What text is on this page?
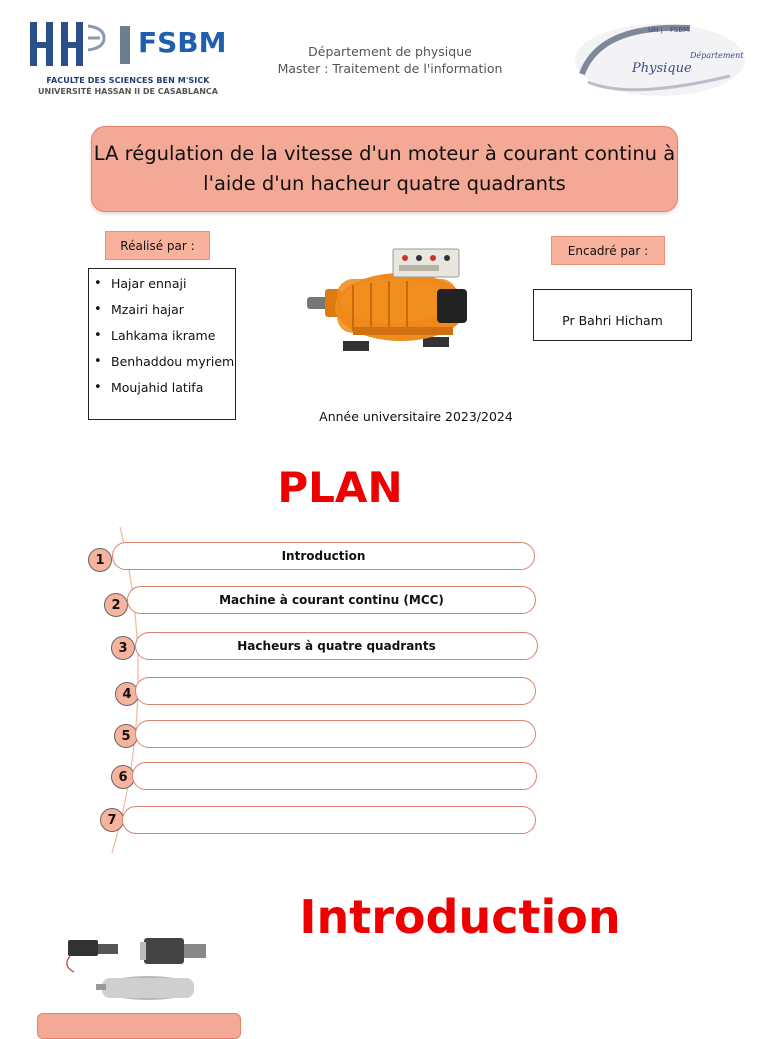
FSBM
FACULTE DES SCIENCES BEN M'SICK
UNIVERSITÉ HASSAN II DE CASABLANCA
Département de physique
Master : Traitement de l'information
UH | FSBM
Département
Physique
LA régulation de la vitesse d'un moteur à courant continu à l'aide d'un hacheur quatre quadrants
Réalisé par :	Encadré par :
• Hajar ennaji
• Mzairi hajar
• Lahkama ikrame
• Benhaddou myriem
• Moujahid latifa
Pr Bahri Hicham
Année universitaire 2023/2024
PLAN
1	Introduction
2	Machine à courant continu (MCC)
3	Hacheurs à quatre quadrants
4
5
6
7
Introduction
